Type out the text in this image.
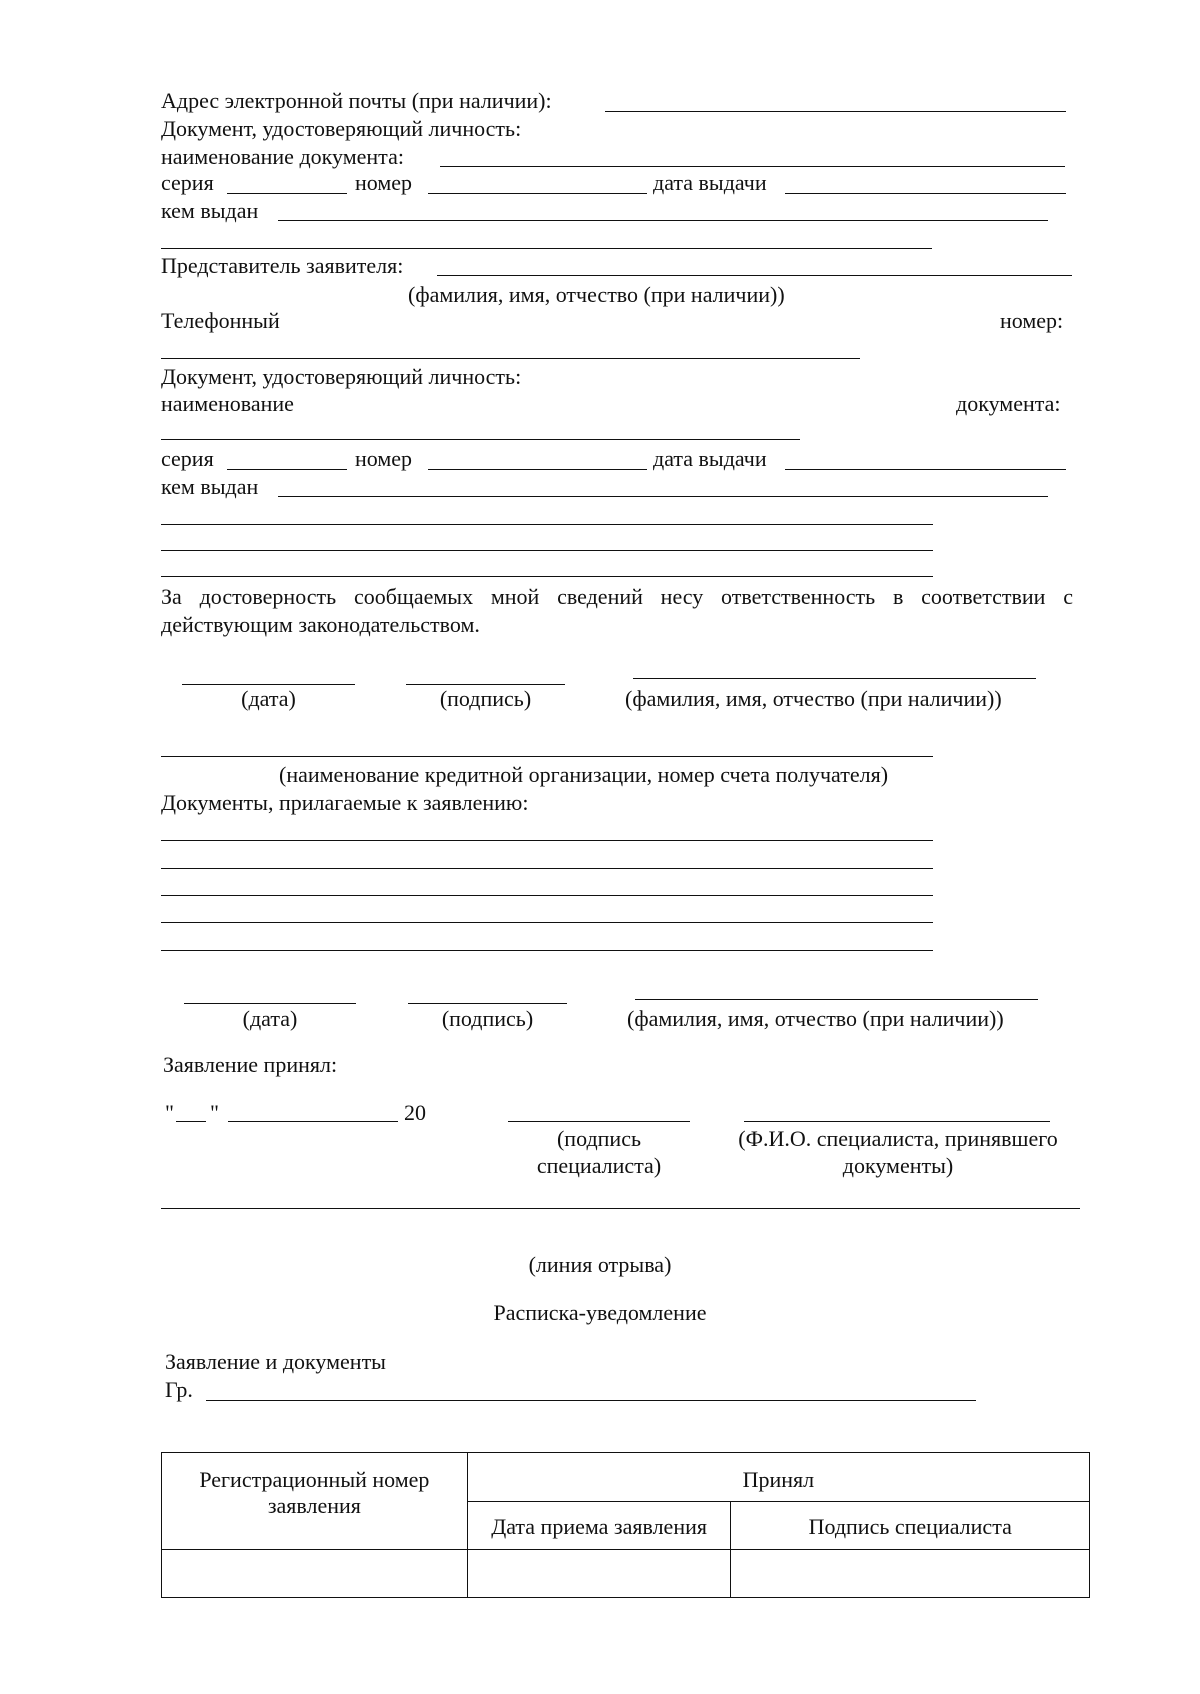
Адрес электронной почты (при наличии):
Документ, удостоверяющий личность:
наименование документа:
серия	номер	дата выдачи
кем выдан
Представитель заявителя:
(фамилия, имя, отчество (при наличии))
Телефонный	номер:
Документ, удостоверяющий личность:
наименование	документа:
серия	номер	дата выдачи
кем выдан
За достоверность сообщаемых мной сведений несу ответственность в соответствии с
действующим законодательством.
(дата)	(подпись)	(фамилия, имя, отчество (при наличии))
(наименование кредитной организации, номер счета получателя)
Документы, прилагаемые к заявлению:
(дата)	(подпись)	(фамилия, имя, отчество (при наличии))
Заявление принял:
" "	20
(подпись
специалиста)
(Ф.И.О. специалиста, принявшего
документы)
(линия отрыва)
Расписка-уведомление
Заявление и документы
Гр.
Регистрационный номер
заявления	Принял	
	Дата приема заявления	Подпись специалиста
